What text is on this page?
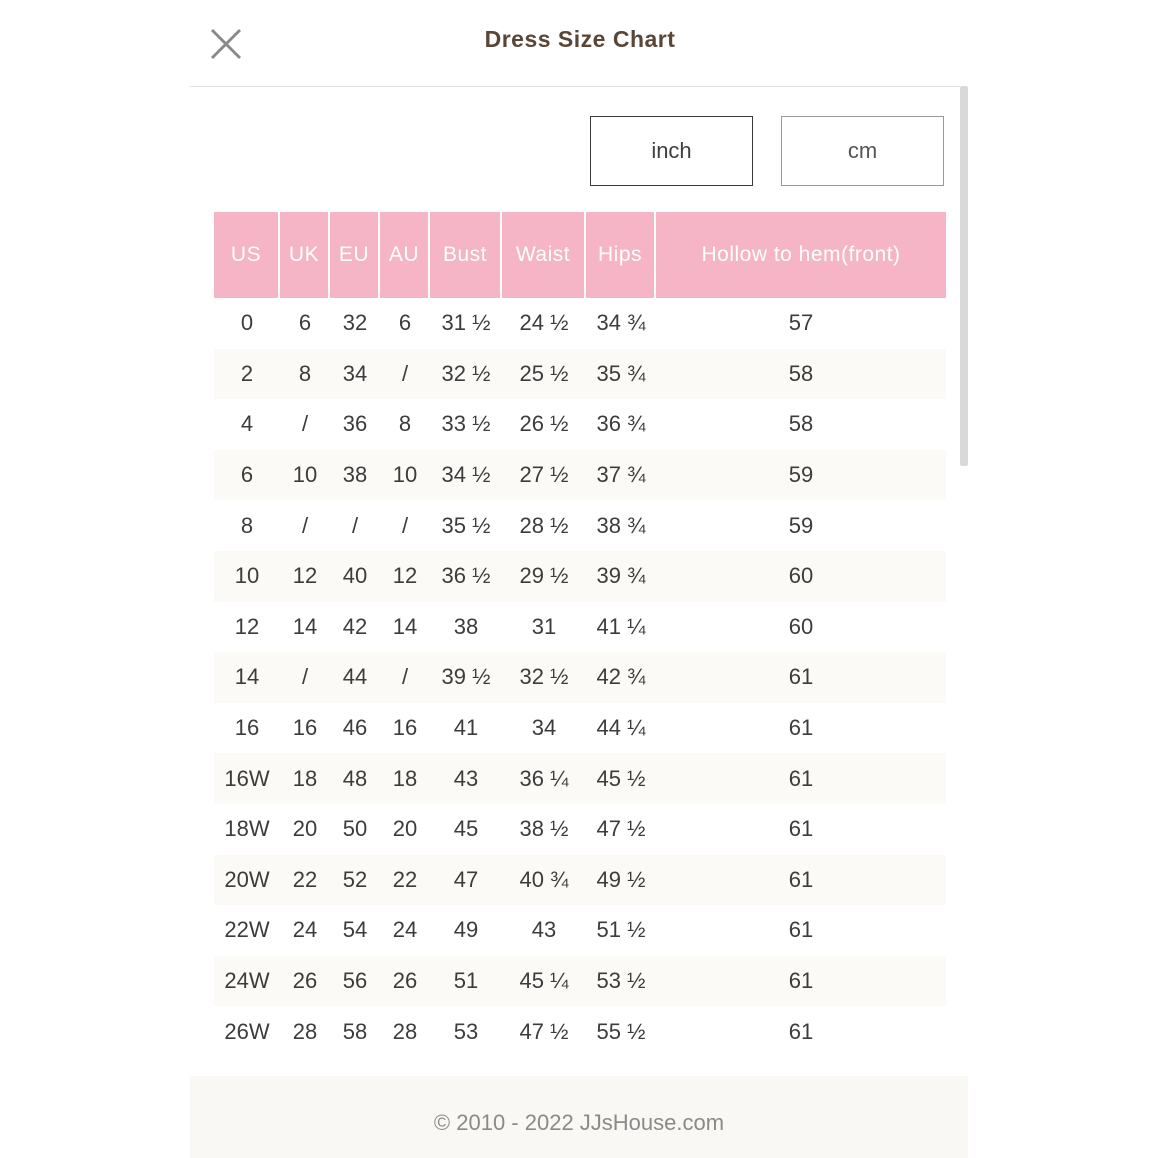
Dress Size Chart
inch	cm
US	UK	EU	AU	Bust	Waist	Hips	Hollow to hem(front)
0	6	32	6	31 ½	24 ½	34 ¾	57
2	8	34	/	32 ½	25 ½	35 ¾	58
4	/	36	8	33 ½	26 ½	36 ¾	58
6	10	38	10	34 ½	27 ½	37 ¾	59
8	/	/	/	35 ½	28 ½	38 ¾	59
10	12	40	12	36 ½	29 ½	39 ¾	60
12	14	42	14	38	31	41 ¼	60
14	/	44	/	39 ½	32 ½	42 ¾	61
16	16	46	16	41	34	44 ¼	61
16W	18	48	18	43	36 ¼	45 ½	61
18W	20	50	20	45	38 ½	47 ½	61
20W	22	52	22	47	40 ¾	49 ½	61
22W	24	54	24	49	43	51 ½	61
24W	26	56	26	51	45 ¼	53 ½	61
26W	28	58	28	53	47 ½	55 ½	61
© 2010 - 2022 JJsHouse.com
